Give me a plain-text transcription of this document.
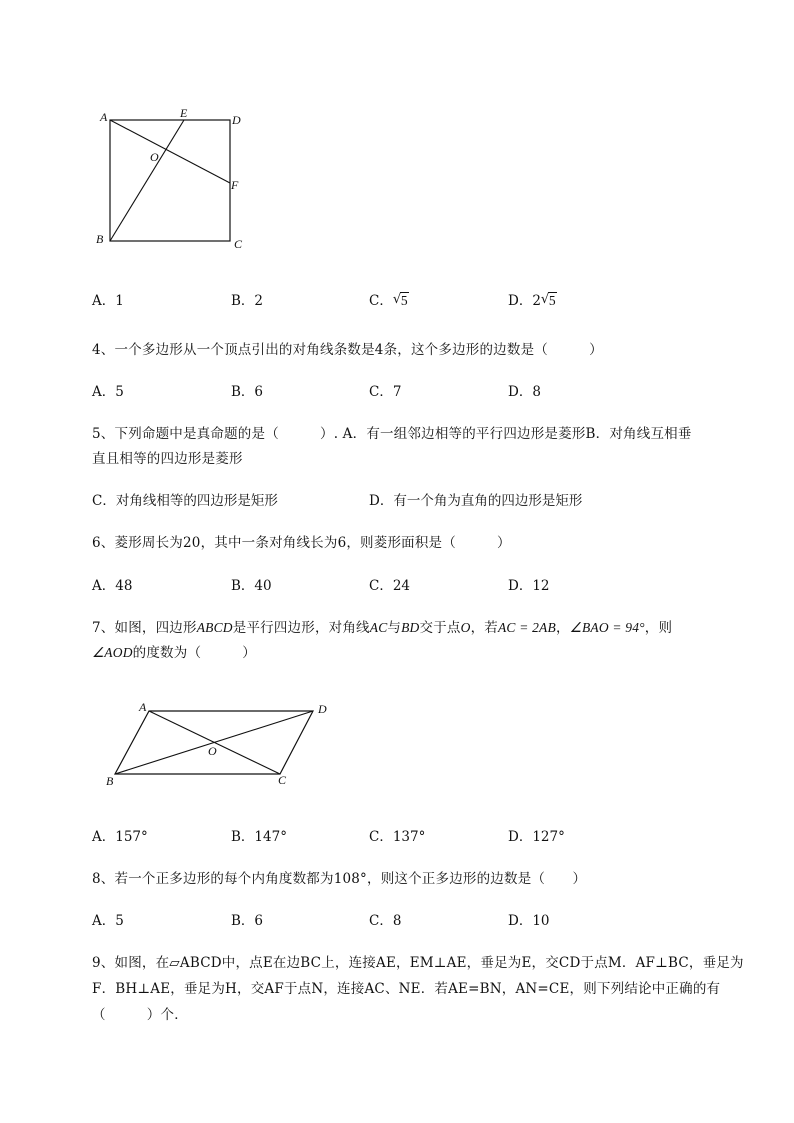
A	E	D
O
F
B	C
A．1	B．2	C． √ 5	D．2 √ 5
4、一个多边形从一个顶点引出的对角线条数是4条，这个多边形的边数是（　　　）
A．5	B．6	C．7	D．8
5、下列命题中是真命题的是（　　　）. A．有一组邻边相等的平行四边形是菱形B．对角线互相垂
直且相等的四边形是菱形
C．对角线相等的四边形是矩形	D．有一个角为直角的四边形是矩形
6、菱形周长为20，其中一条对角线长为6，则菱形面积是（　　　）
A．48	B．40	C．24	D．12
7、如图，四边形ABCD是平行四边形，对角线AC与BD交于点O，若AC = 2AB，∠BAO = 94°，则
∠AOD的度数为（　　　）
A	D
O
B	C
A．157°	B．147°	C．137°	D．127°
8、若一个正多边形的每个内角度数都为108°，则这个正多边形的边数是（　　）
A．5	B．6	C．8	D．10
9、如图，在▱ABCD中，点E在边BC上，连接AE，EM⊥AE，垂足为E，交CD于点M．AF⊥BC，垂足为
F．BH⊥AE，垂足为H，交AF于点N，连接AC、NE．若AE=BN，AN=CE，则下列结论中正确的有
（　　　）个．
